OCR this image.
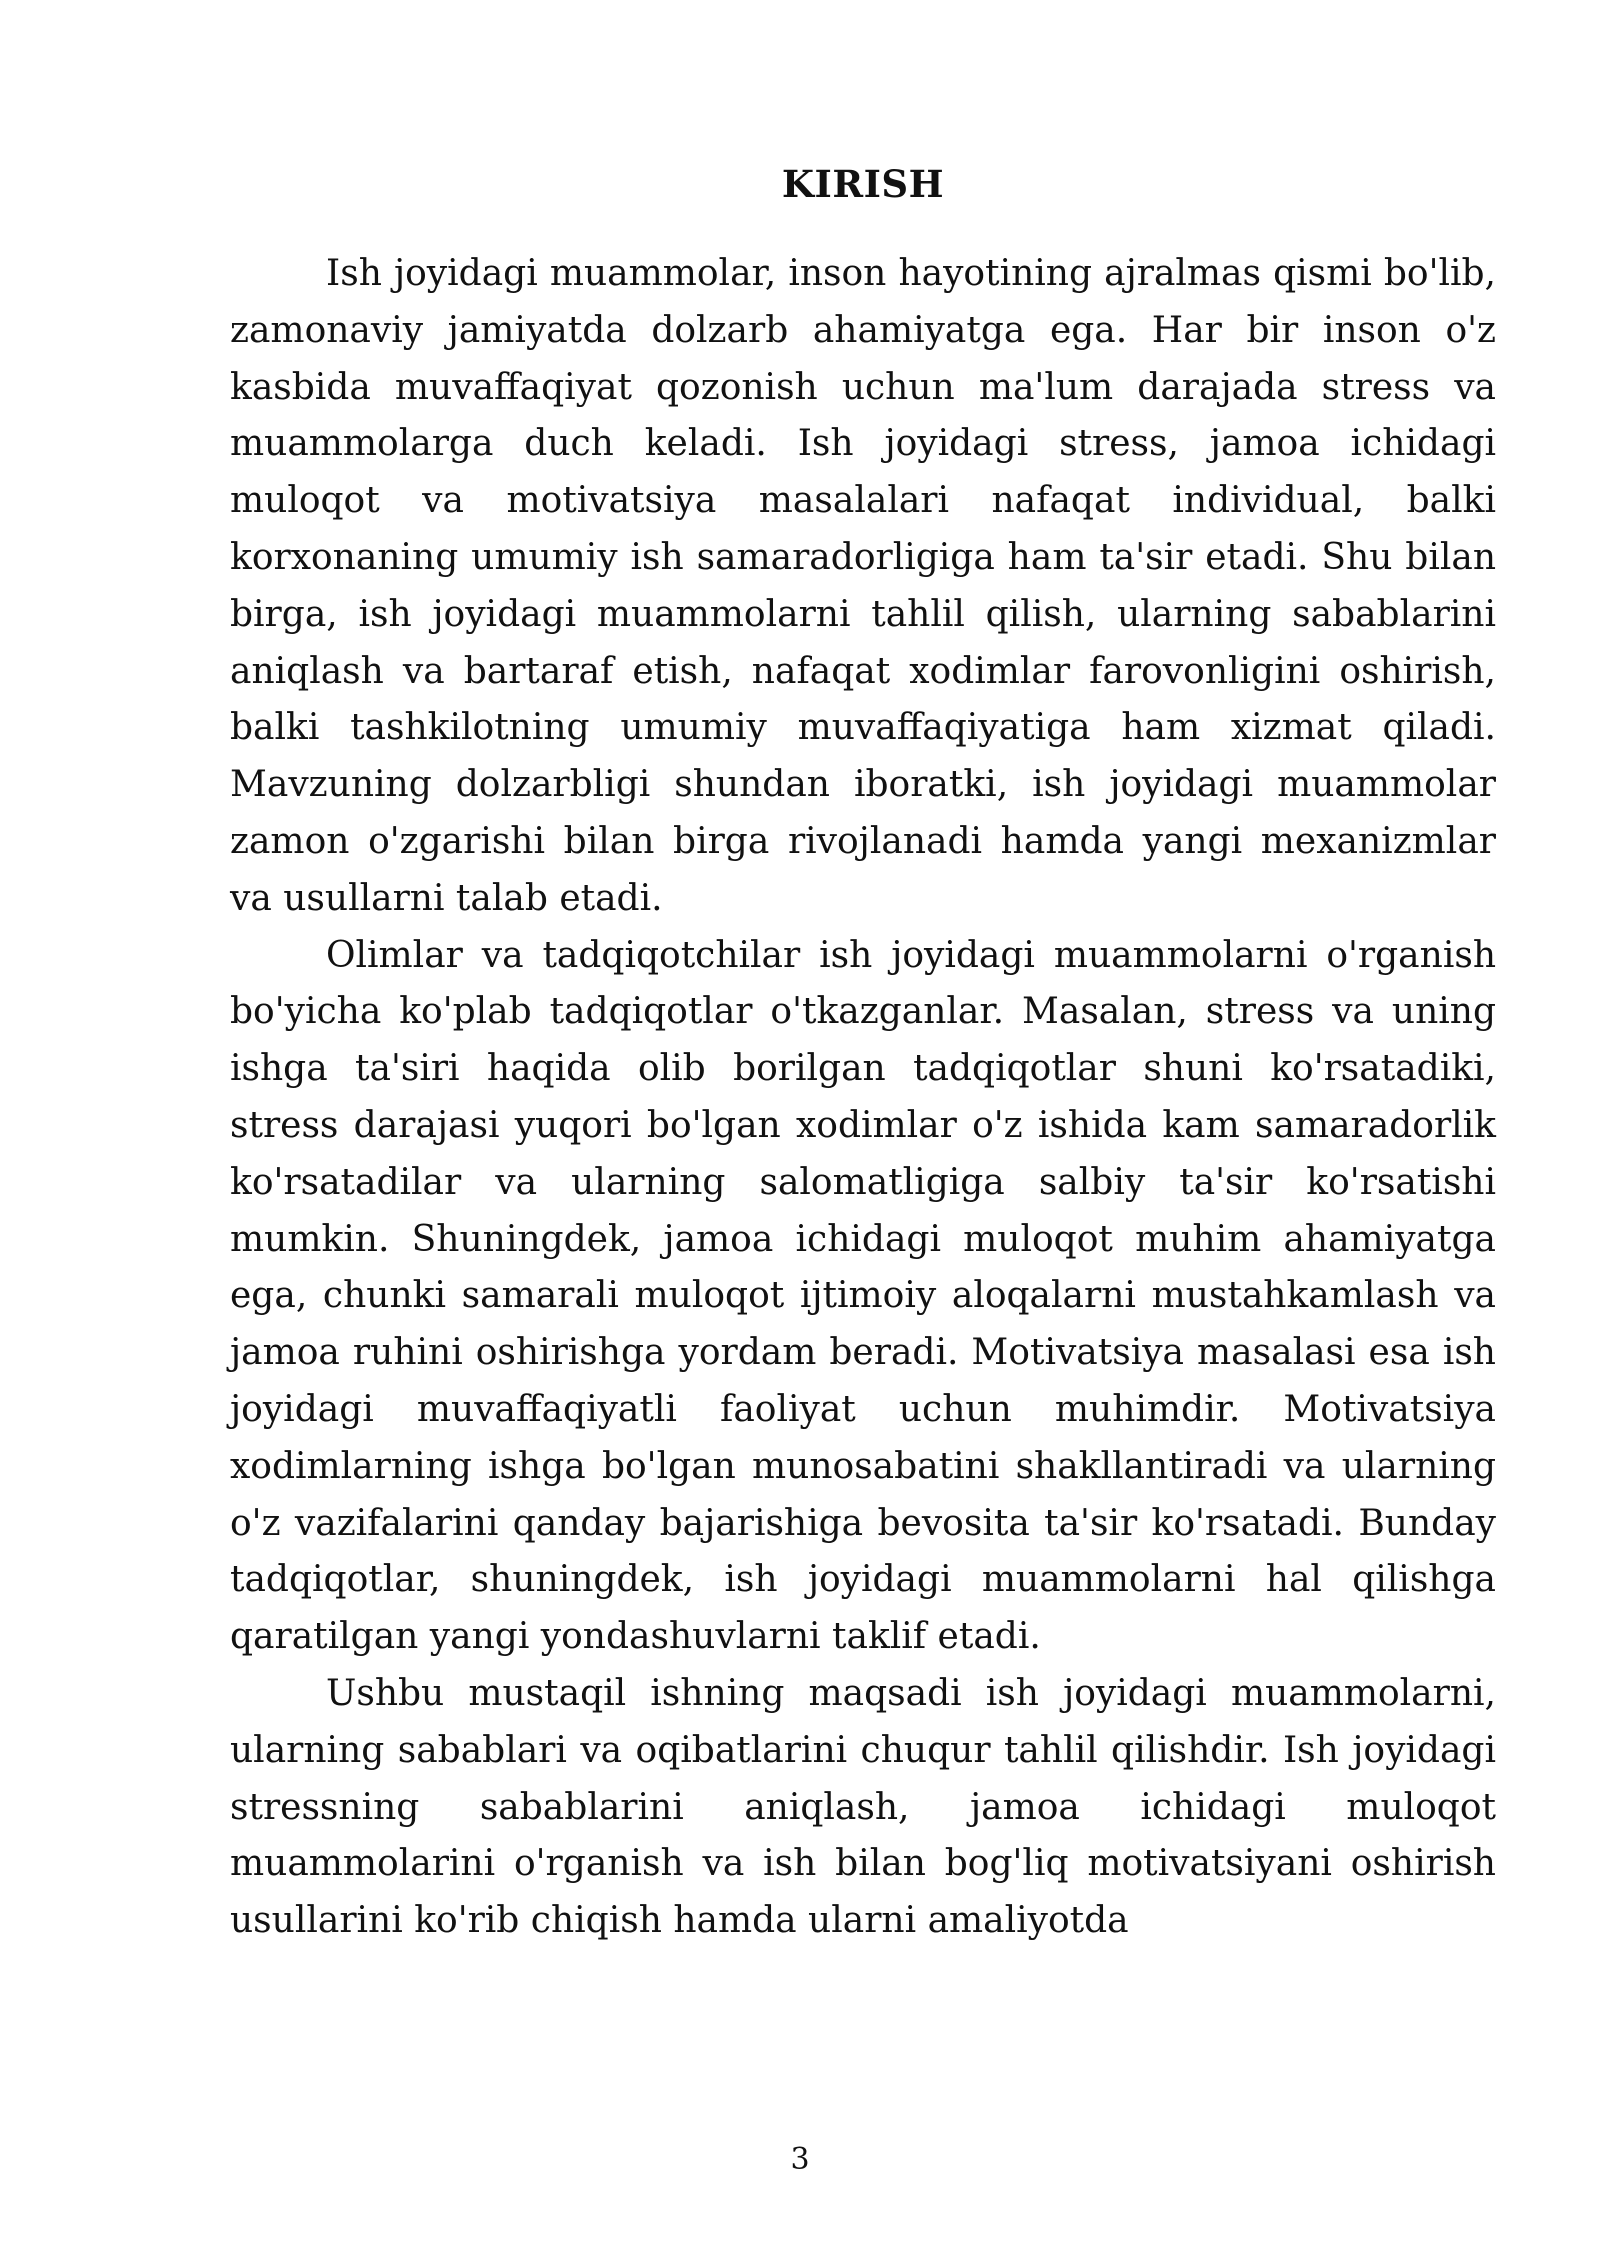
KIRISH

Ish joyidagi muammolar, inson hayotining ajralmas qismi bo'lib, zamonaviy jamiyatda dolzarb ahamiyatga ega. Har bir inson o'z kasbida muvaffaqiyat qozonish uchun ma'lum darajada stress va muammolarga duch keladi. Ish joyidagi stress, jamoa ichidagi muloqot va motivatsiya masalalari nafaqat individual, balki korxonaning umumiy ish samaradorligiga ham ta'sir etadi. Shu bilan birga, ish joyidagi muammolarni tahlil qilish, ularning sabablarini aniqlash va bartaraf etish, nafaqat xodimlar farovonligini oshirish, balki tashkilotning umumiy muvaffaqiyatiga ham xizmat qiladi. Mavzuning dolzarbligi shundan iboratki, ish joyidagi muammolar zamon o'zgarishi bilan birga rivojlanadi hamda yangi mexanizmlar va usullarni talab etadi.

Olimlar va tadqiqotchilar ish joyidagi muammolarni o'rganish bo'yicha ko'plab tadqiqotlar o'tkazganlar. Masalan, stress va uning ishga ta'siri haqida olib borilgan tadqiqotlar shuni ko'rsatadiki, stress darajasi yuqori bo'lgan xodimlar o'z ishida kam samaradorlik ko'rsatadilar va ularning salomatligiga salbiy ta'sir ko'rsatishi mumkin. Shuningdek, jamoa ichidagi muloqot muhim ahamiyatga ega, chunki samarali muloqot ijtimoiy aloqalarni mustahkamlash va jamoa ruhini oshirishga yordam beradi. Motivatsiya masalasi esa ish joyidagi muvaffaqiyatli faoliyat uchun muhimdir. Motivatsiya xodimlarning ishga bo'lgan munosabatini shakllantiradi va ularning o'z vazifalarini qanday bajarishiga bevosita ta'sir ko'rsatadi. Bunday tadqiqotlar, shuningdek, ish joyidagi muammolarni hal qilishga qaratilgan yangi yondashuvlarni taklif etadi.

Ushbu mustaqil ishning maqsadi ish joyidagi muammolarni, ularning sabablari va oqibatlarini chuqur tahlil qilishdir. Ish joyidagi stressning sabablarini aniqlash, jamoa ichidagi muloqot muammolarini o'rganish va ish bilan bog'liq motivatsiyani oshirish usullarini ko'rib chiqish hamda ularni amaliyotda

3
